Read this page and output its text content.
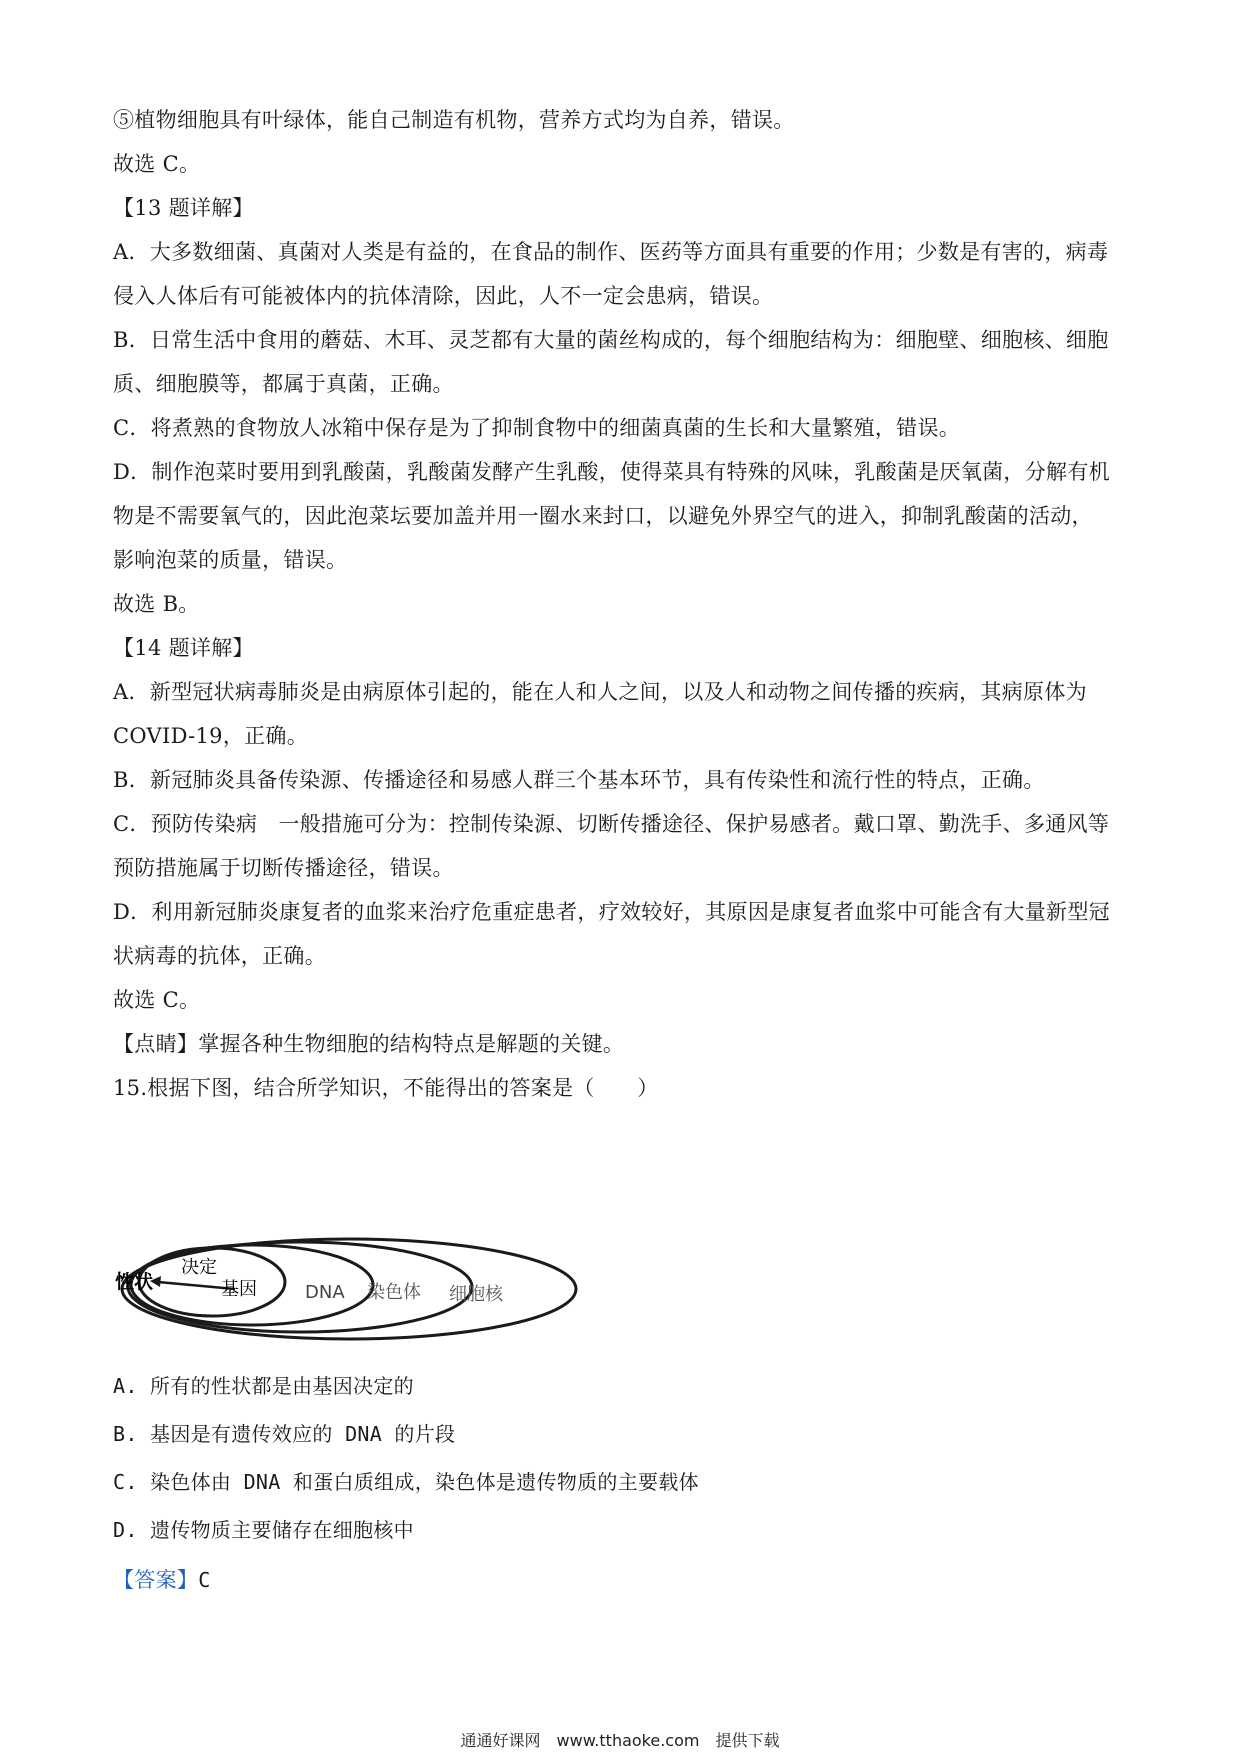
⑤植物细胞具有叶绿体，能自己制造有机物，营养方式均为自养，错误。
故选 C。
【13 题详解】
A．大多数细菌、真菌对人类是有益的，在食品的制作、医药等方面具有重要的作用；少数是有害的，病毒
侵入人体后有可能被体内的抗体清除，因此，人不一定会患病，错误。
B．日常生活中食用的蘑菇、木耳、灵芝都有大量的菌丝构成的，每个细胞结构为：细胞壁、细胞核、细胞
质、细胞膜等，都属于真菌，正确。
C．将煮熟的食物放人冰箱中保存是为了抑制食物中的细菌真菌的生长和大量繁殖，错误。
D．制作泡菜时要用到乳酸菌，乳酸菌发酵产生乳酸，使得菜具有特殊的风味，乳酸菌是厌氧菌，分解有机
物是不需要氧气的，因此泡菜坛要加盖并用一圈水来封口，以避免外界空气的进入，抑制乳酸菌的活动，
影响泡菜的质量，错误。
故选 B。
【14 题详解】
A．新型冠状病毒肺炎是由病原体引起的，能在人和人之间，以及人和动物之间传播的疾病，其病原体为
COVID-19，正确。
B．新冠肺炎具备传染源、传播途径和易感人群三个基本环节，具有传染性和流行性的特点，正确。
C．预防传染病　一般措施可分为：控制传染源、切断传播途径、保护易感者。戴口罩、勤洗手、多通风等
预防措施属于切断传播途径，错误。
D．利用新冠肺炎康复者的血浆来治疗危重症患者，疗效较好，其原因是康复者血浆中可能含有大量新型冠
状病毒的抗体，正确。
故选 C。
【点睛】掌握各种生物细胞的结构特点是解题的关键。
15.根据下图，结合所学知识，不能得出的答案是（　　）
性状
决定
基因	DNA 染色体 细胞核
A. 所有的性状都是由基因决定的
B. 基因是有遗传效应的 DNA 的片段
C. 染色体由 DNA 和蛋白质组成，染色体是遗传物质的主要载体
D. 遗传物质主要储存在细胞核中
【答案】C
通通好课网　www.tthaoke.com　提供下载
